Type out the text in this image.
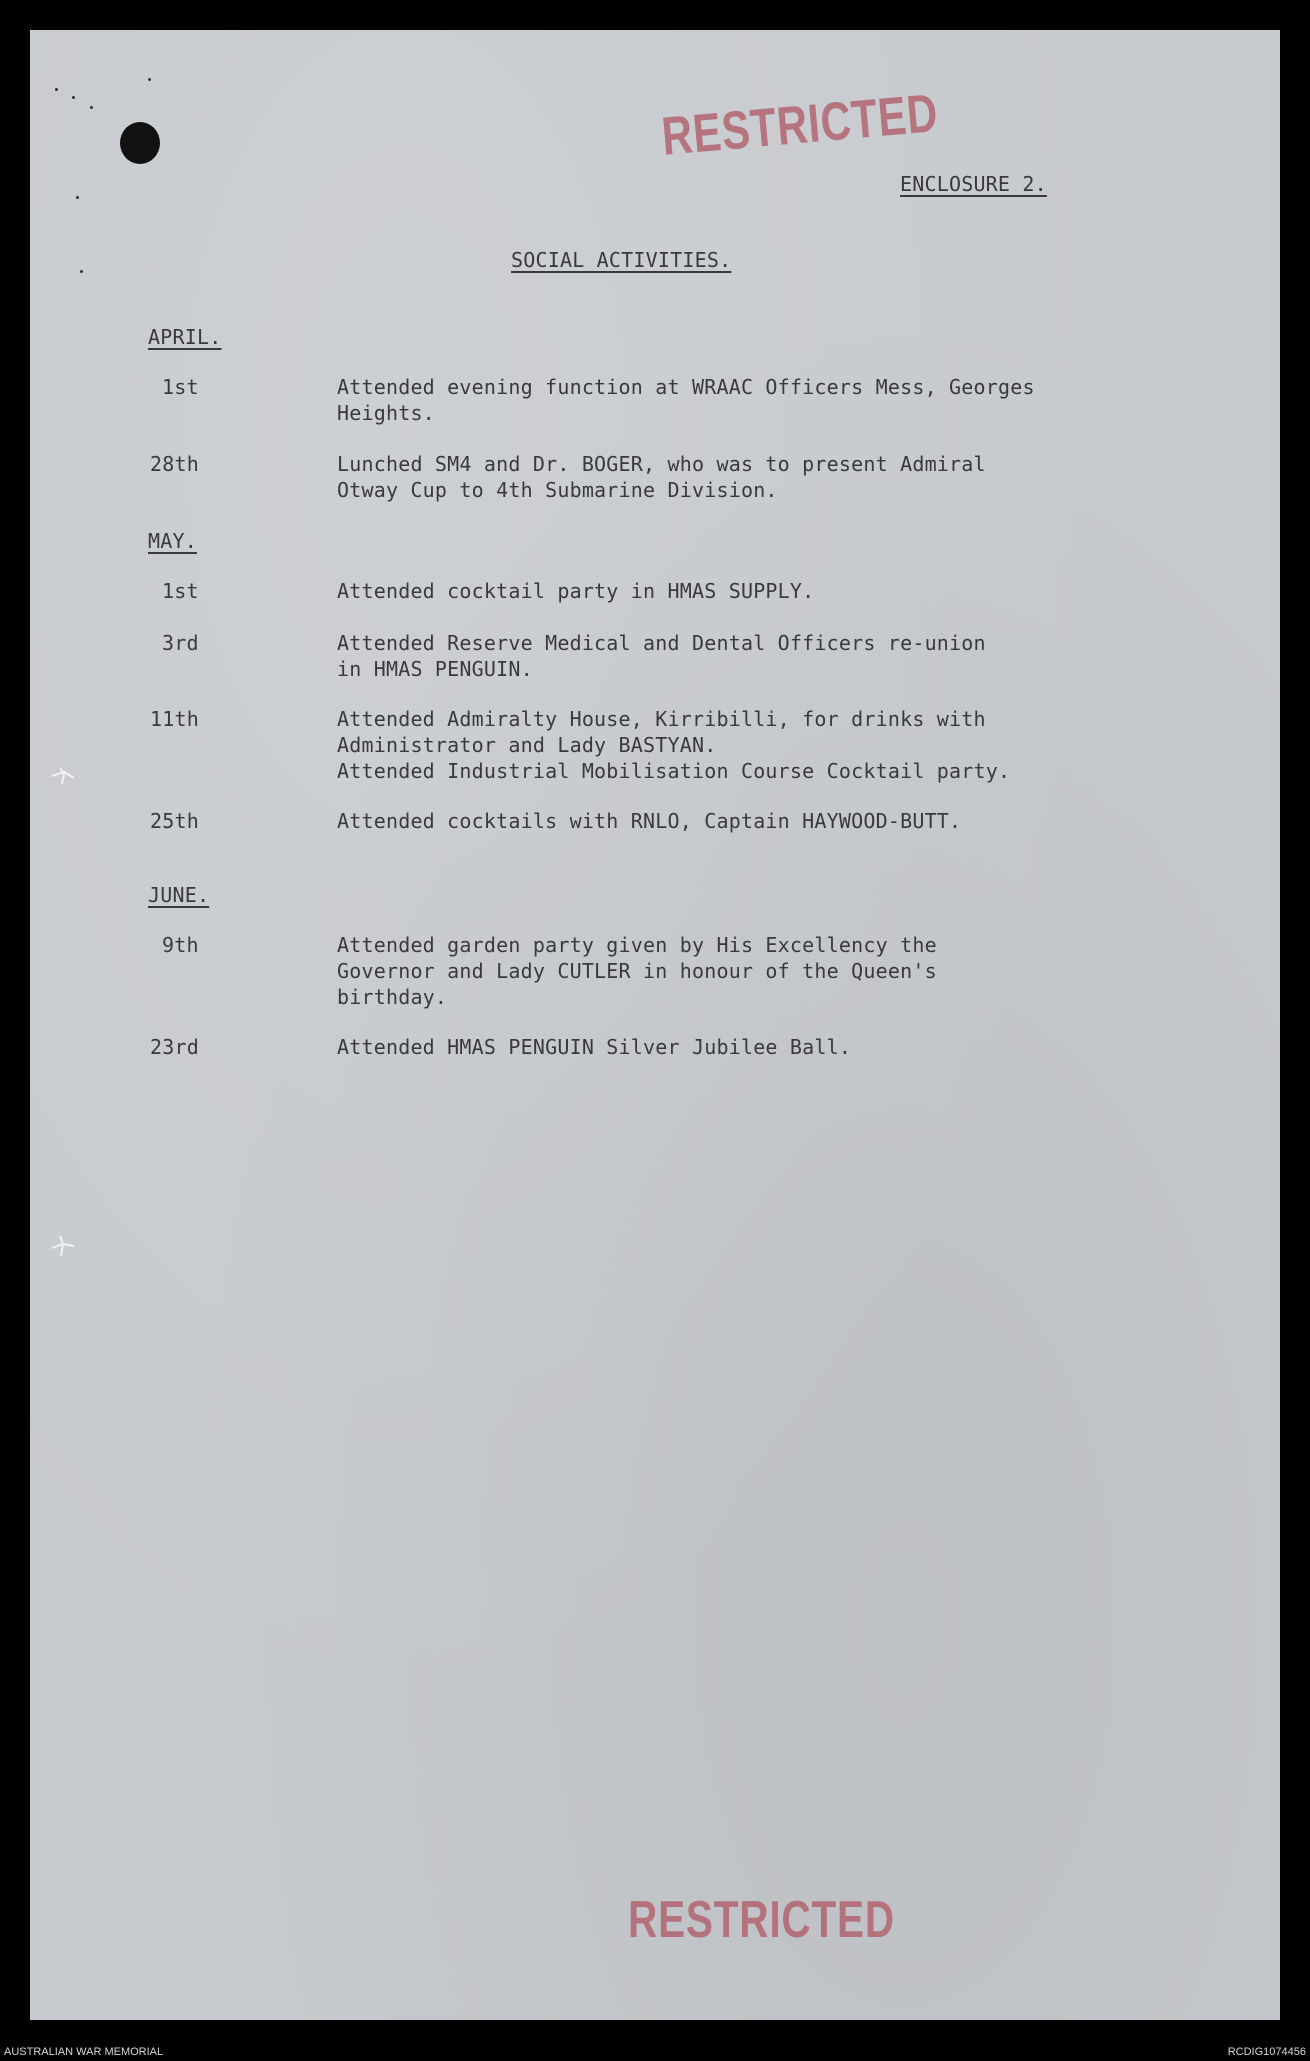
RESTRICTED
RESTRICTED
ENCLOSURE 2.
SOCIAL ACTIVITIES.
APRIL.
1st	Attended evening function at WRAAC Officers Mess, Georges
Heights.
28th	Lunched SM4 and Dr. BOGER, who was to present Admiral
Otway Cup to 4th Submarine Division.
MAY.
1st	Attended cocktail party in HMAS SUPPLY.
3rd	Attended Reserve Medical and Dental Officers re-union
in HMAS PENGUIN.
11th	Attended Admiralty House, Kirribilli, for drinks with
Administrator and Lady BASTYAN.
Attended Industrial Mobilisation Course Cocktail party.
25th	Attended cocktails with RNLO, Captain HAYWOOD-BUTT.
JUNE.
9th	Attended garden party given by His Excellency the
Governor and Lady CUTLER in honour of the Queen's
birthday.
23rd	Attended HMAS PENGUIN Silver Jubilee Ball.
AUSTRALIAN WAR MEMORIAL	RCDIG1074456
